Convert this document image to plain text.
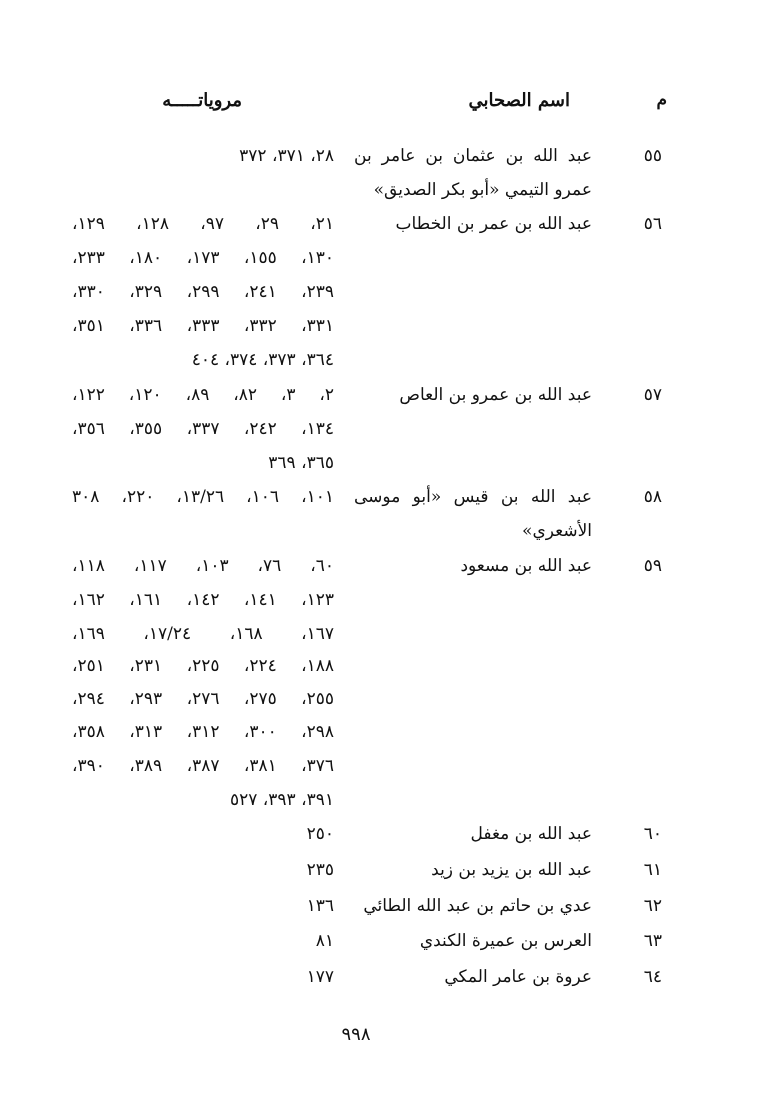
م
اسم الصحابي
مروياتـــــه
٥٥
عبد الله بن عثمان بن عامر بن
عمرو التيمي «أبو بكر الصديق»
٢٨، ٣٧١، ٣٧٢
٥٦
عبد الله بن عمر بن الخطاب
٢١، ٢٩، ٩٧، ١٢٨، ١٢٩،
١٣٠، ١٥٥، ١٧٣، ١٨٠، ٢٣٣،
٢٣٩، ٢٤١، ٢٩٩، ٣٢٩، ٣٣٠،
٣٣١، ٣٣٢، ٣٣٣، ٣٣٦، ٣٥١،
٣٦٤، ٣٧٣، ٣٧٤، ٤٠٤
٥٧
عبد الله بن عمرو بن العاص
٢، ٣، ٨٢، ٨٩، ١٢٠، ١٢٢،
١٣٤، ٢٤٢، ٣٣٧، ٣٥٥، ٣٥٦،
٣٦٥، ٣٦٩
٥٨
عبد الله بن قيس «أبو موسى
الأشعري»
١٠١، ١٠٦، ١٣/٢٦، ٢٢٠، ٣٠٨
٥٩
عبد الله بن مسعود
٦٠، ٧٦، ١٠٣، ١١٧، ١١٨،
١٢٣، ١٤١، ١٤٢، ١٦١، ١٦٢،
١٦٧، ١٦٨، ١٧/٢٤، ١٦٩،
١٨٨، ٢٢٤، ٢٢٥، ٢٣١، ٢٥١،
٢٥٥، ٢٧٥، ٢٧٦، ٢٩٣، ٢٩٤،
٢٩٨، ٣٠٠، ٣١٢، ٣١٣، ٣٥٨،
٣٧٦، ٣٨١، ٣٨٧، ٣٨٩، ٣٩٠،
٣٩١، ٣٩٣، ٥٢٧
٦٠
عبد الله بن مغفل
٢٥٠
٦١
عبد الله بن يزيد بن زيد
٢٣٥
٦٢
عدي بن حاتم بن عبد الله الطائي
١٣٦
٦٣
العرس بن عميرة الكندي
٨١
٦٤
عروة بن عامر المكي
١٧٧
٩٩٨
